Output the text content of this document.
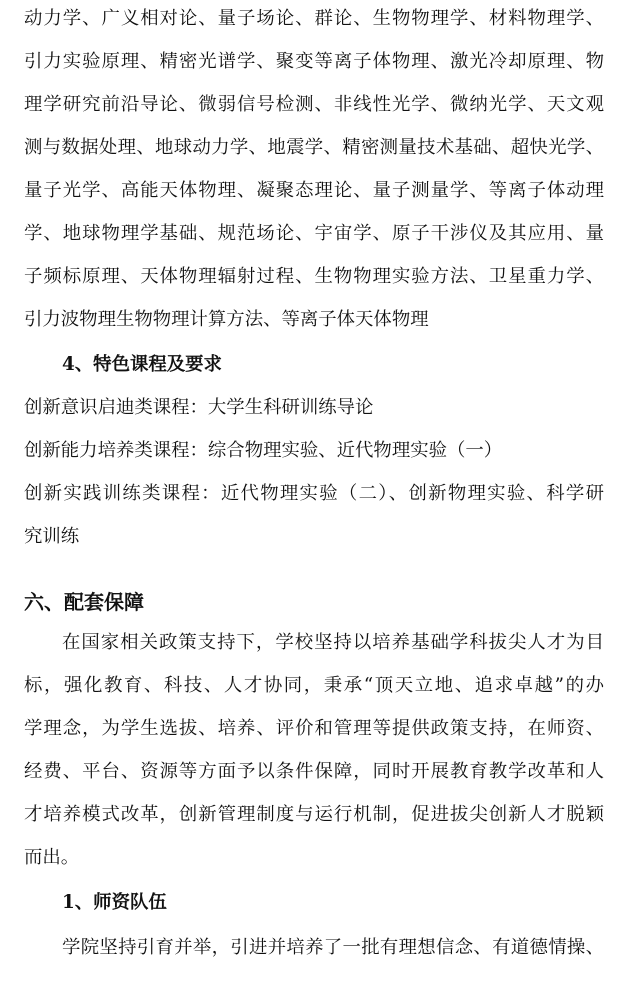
动力学、广义相对论、量子场论、群论、生物物理学、材料物理学、
引力实验原理、精密光谱学、聚变等离子体物理、激光冷却原理、物
理学研究前沿导论、微弱信号检测、非线性光学、微纳光学、天文观
测与数据处理、地球动力学、地震学、精密测量技术基础、超快光学、
量子光学、高能天体物理、凝聚态理论、量子测量学、等离子体动理
学、地球物理学基础、规范场论、宇宙学、原子干涉仪及其应用、量
子频标原理、天体物理辐射过程、生物物理实验方法、卫星重力学、
引力波物理生物物理计算方法、等离子体天体物理
4、特色课程及要求
创新意识启迪类课程：大学生科研训练导论
创新能力培养类课程：综合物理实验、近代物理实验（一）
创新实践训练类课程：近代物理实验（二）、创新物理实验、科学研
究训练
六、配套保障
在国家相关政策支持下，学校坚持以培养基础学科拔尖人才为目
标，强化教育、科技、人才协同，秉承“顶天立地、追求卓越”的办
学理念，为学生选拔、培养、评价和管理等提供政策支持，在师资、
经费、平台、资源等方面予以条件保障，同时开展教育教学改革和人
才培养模式改革，创新管理制度与运行机制，促进拔尖创新人才脱颖
而出。
1、师资队伍
学院坚持引育并举，引进并培养了一批有理想信念、有道德情操、
